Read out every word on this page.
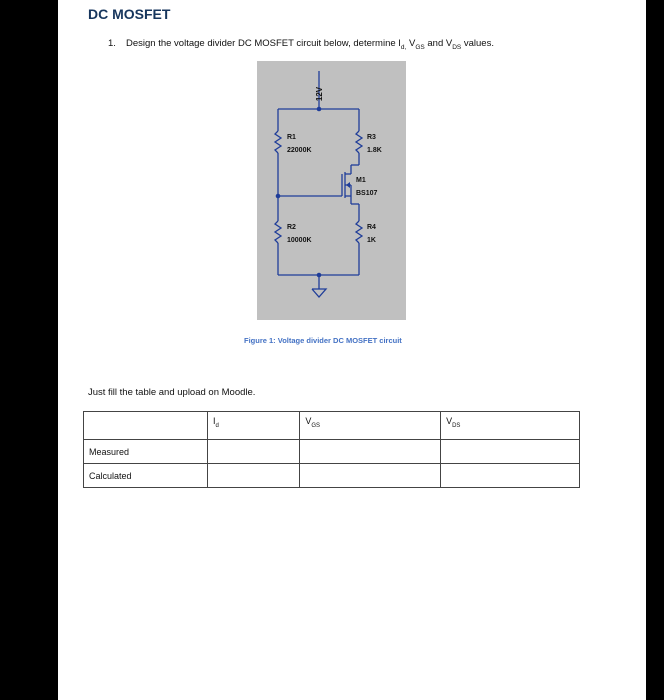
DC MOSFET
1. Design the voltage divider DC MOSFET circuit below, determine $I_{d,}$ $V_{GS}$ and $V_{DS}$ values.
12V
R1
22000K
R2
10000K
R3
1.8K
M1
BS107
R4
1K
Figure 1: Voltage divider DC MOSFET circuit
Just fill the table and upload on Moodle.
	$I_d$	$V_{GS}$	$V_{DS}$
Measured			
Calculated			
